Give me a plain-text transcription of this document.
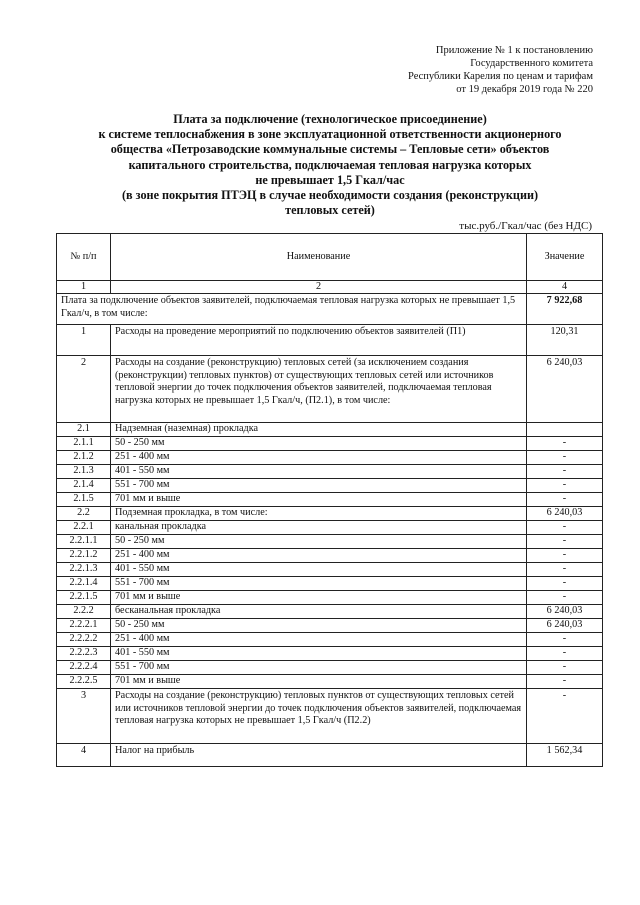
Приложение № 1 к постановлению
Государственного комитета
Республики Карелия по ценам и тарифам
от 19 декабря 2019 года № 220
Плата за подключение (технологическое присоединение)
к системе теплоснабжения в зоне эксплуатационной ответственности акционерного
общества «Петрозаводские коммунальные системы – Тепловые сети» объектов
капитального строительства, подключаемая тепловая нагрузка которых
не превышает 1,5 Гкал/час
(в зоне покрытия ПТЭЦ в случае необходимости создания (реконструкции)
тепловых сетей)
тыс.руб./Гкал/час (без НДС)
№ п/п	Наименование	Значение
1	2	4
Плата за подключение объектов заявителей, подключаемая тепловая нагрузка которых не превышает 1,5 Гкал/ч, в том числе:		7 922,68
1	Расходы на проведение мероприятий по подключению объектов заявителей (П1)	120,31
2	Расходы на создание (реконструкцию) тепловых сетей (за исключением создания (реконструкции) тепловых пунктов) от существующих тепловых сетей или источников тепловой энергии до точек подключения объектов заявителей, подключаемая тепловая нагрузка которых не превышает 1,5 Гкал/ч, (П2.1), в том числе:	6 240,03
2.1	Надземная (наземная) прокладка	
2.1.1	50 - 250 мм	-
2.1.2	251 - 400 мм	-
2.1.3	401 - 550 мм	-
2.1.4	551 - 700 мм	-
2.1.5	701 мм и выше	-
2.2	Подземная прокладка, в том числе:	6 240,03
2.2.1	канальная прокладка	-
2.2.1.1	50 - 250 мм	-
2.2.1.2	251 - 400 мм	-
2.2.1.3	401 - 550 мм	-
2.2.1.4	551 - 700 мм	-
2.2.1.5	701 мм и выше	-
2.2.2	бесканальная прокладка	6 240,03
2.2.2.1	50 - 250 мм	6 240,03
2.2.2.2	251 - 400 мм	-
2.2.2.3	401 - 550 мм	-
2.2.2.4	551 - 700 мм	-
2.2.2.5	701 мм и выше	-
3	Расходы на создание (реконструкцию) тепловых пунктов от существующих тепловых сетей или источников тепловой энергии до точек подключения объектов заявителей, подключаемая тепловая нагрузка которых не превышает 1,5 Гкал/ч (П2.2)	-
4	Налог на прибыль	1 562,34
